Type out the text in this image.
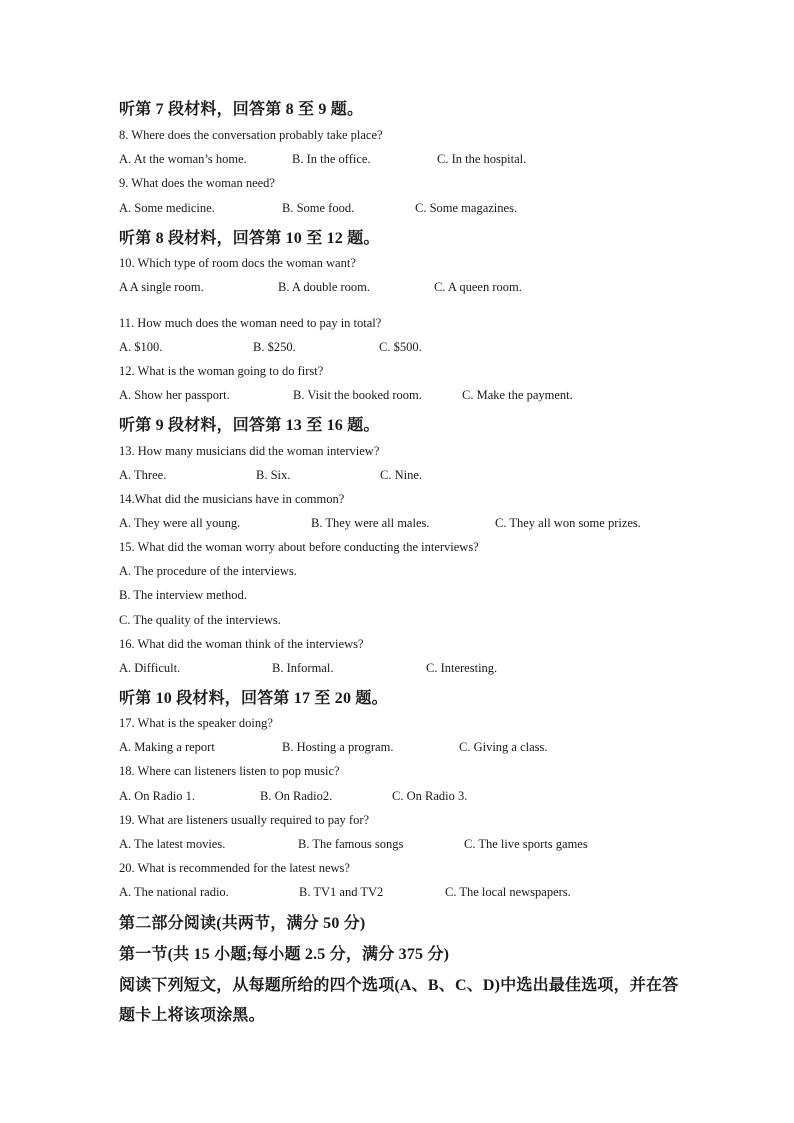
听第 7 段材料，回答第 8 至 9 题。
8. Where does the conversation probably take place?
A. At the woman’s home.	B. In the office.	C. In the hospital.
9. What does the woman need?
A. Some medicine.	B. Some food.	C. Some magazines.
听第 8 段材料，回答第 10 至 12 题。
10. Which type of room docs the woman want?
A A single room.	B. A double room.	C. A queen room.
11. How much does the woman need to pay in total?
A. $100.	B. $250.	C. $500.
12. What is the woman going to do first?
A. Show her passport.	B. Visit the booked room.	C. Make the payment.
听第 9 段材料，回答第 13 至 16 题。
13. How many musicians did the woman interview?
A. Three.	B. Six.	C. Nine.
14.What did the musicians have in common?
A. They were all young.	B. They were all males.	C. They all won some prizes.
15. What did the woman worry about before conducting the interviews?
A. The procedure of the interviews.
B. The interview method.
C. The quality of the interviews.
16. What did the woman think of the interviews?
A. Difficult.	B. Informal.	C. Interesting.
听第 10 段材料，回答第 17 至 20 题。
17. What is the speaker doing?
A. Making a report	B. Hosting a program.	C. Giving a class.
18. Where can listeners listen to pop music?
A. On Radio 1.	B. On Radio2.	C. On Radio 3.
19. What are listeners usually required to pay for?
A. The latest movies.	B. The famous songs	C. The live sports games
20. What is recommended for the latest news?
A. The national radio.	B. TV1 and TV2	C. The local newspapers.
第二部分阅读(共两节，满分 50 分)
第一节(共 15 小题;每小题 2.5 分，满分 375 分)
阅读下列短文，从每题所给的四个选项(A、B、C、D)中选出最佳选项，并在答
题卡上将该项涂黑。
